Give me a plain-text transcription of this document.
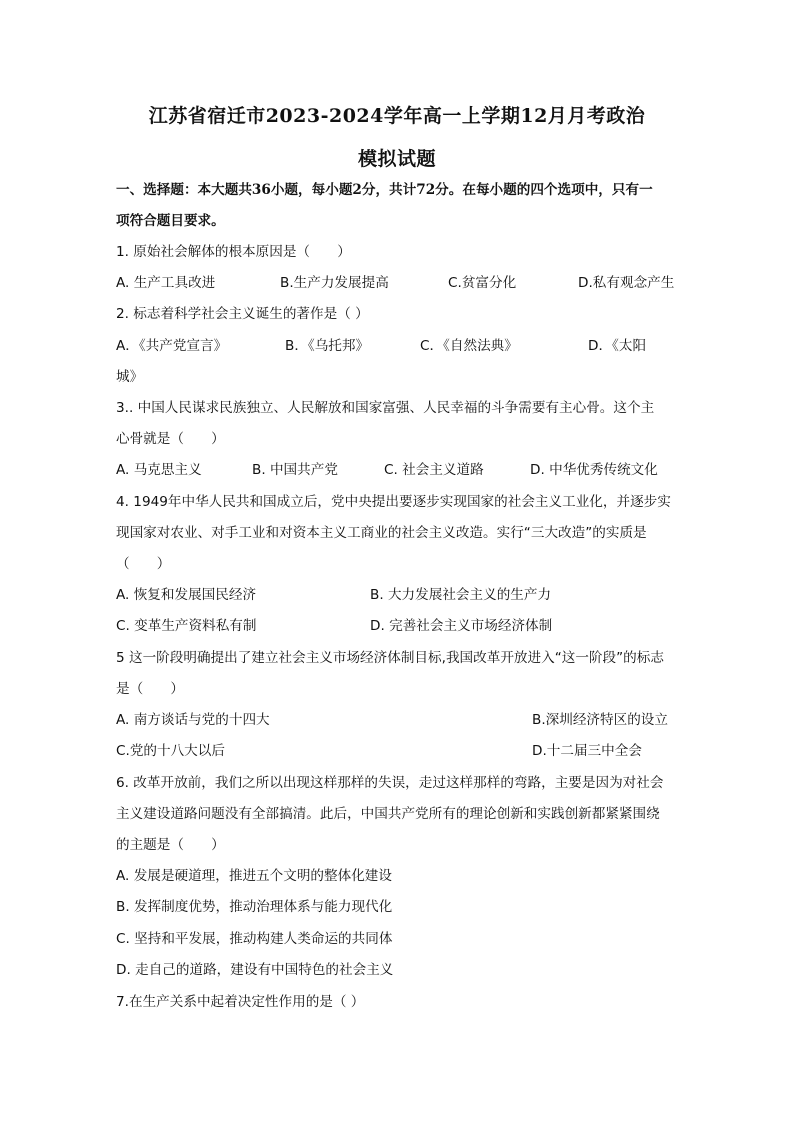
江苏省宿迁市2023-2024学年高一上学期12月月考政治
模拟试题
一、选择题：本大题共36小题，每小题2分，共计72分。在每小题的四个选项中，只有一
项符合题目要求。
1. 原始社会解体的根本原因是（　　）
A. 生产工具改进	B.生产力发展提高	C.贫富分化	D.私有观念产生
2. 标志着科学社会主义诞生的著作是（ ）
A．《共产党宣言》	B．《乌托邦》	C．《自然法典》	D．《太阳
城》
3.. 中国人民谋求民族独立、人民解放和国家富强、人民幸福的斗争需要有主心骨。这个主
心骨就是（　　）
A. 马克思主义	B. 中国共产党	C. 社会主义道路	D. 中华优秀传统文化
4. 1949年中华人民共和国成立后，党中央提出要逐步实现国家的社会主义工业化，并逐步实
现国家对农业、对手工业和对资本主义工商业的社会主义改造。实行“三大改造”的实质是
（　　）
A. 恢复和发展国民经济	B. 大力发展社会主义的生产力
C. 变革生产资料私有制	D. 完善社会主义市场经济体制
5 这一阶段明确提出了建立社会主义市场经济体制目标,我国改革开放进入“这一阶段”的标志
是（　　）
A. 南方谈话与党的十四大	B.深圳经济特区的设立
C.党的十八大以后	D.十二届三中全会
6. 改革开放前，我们之所以出现这样那样的失误，走过这样那样的弯路，主要是因为对社会
主义建设道路问题没有全部搞清。此后，中国共产党所有的理论创新和实践创新都紧紧围绕
的主题是（　　）
A. 发展是硬道理，推进五个文明的整体化建设
B. 发挥制度优势，推动治理体系与能力现代化
C. 坚持和平发展，推动构建人类命运的共同体
D. 走自己的道路，建设有中国特色的社会主义
7.在生产关系中起着决定性作用的是（ ）
